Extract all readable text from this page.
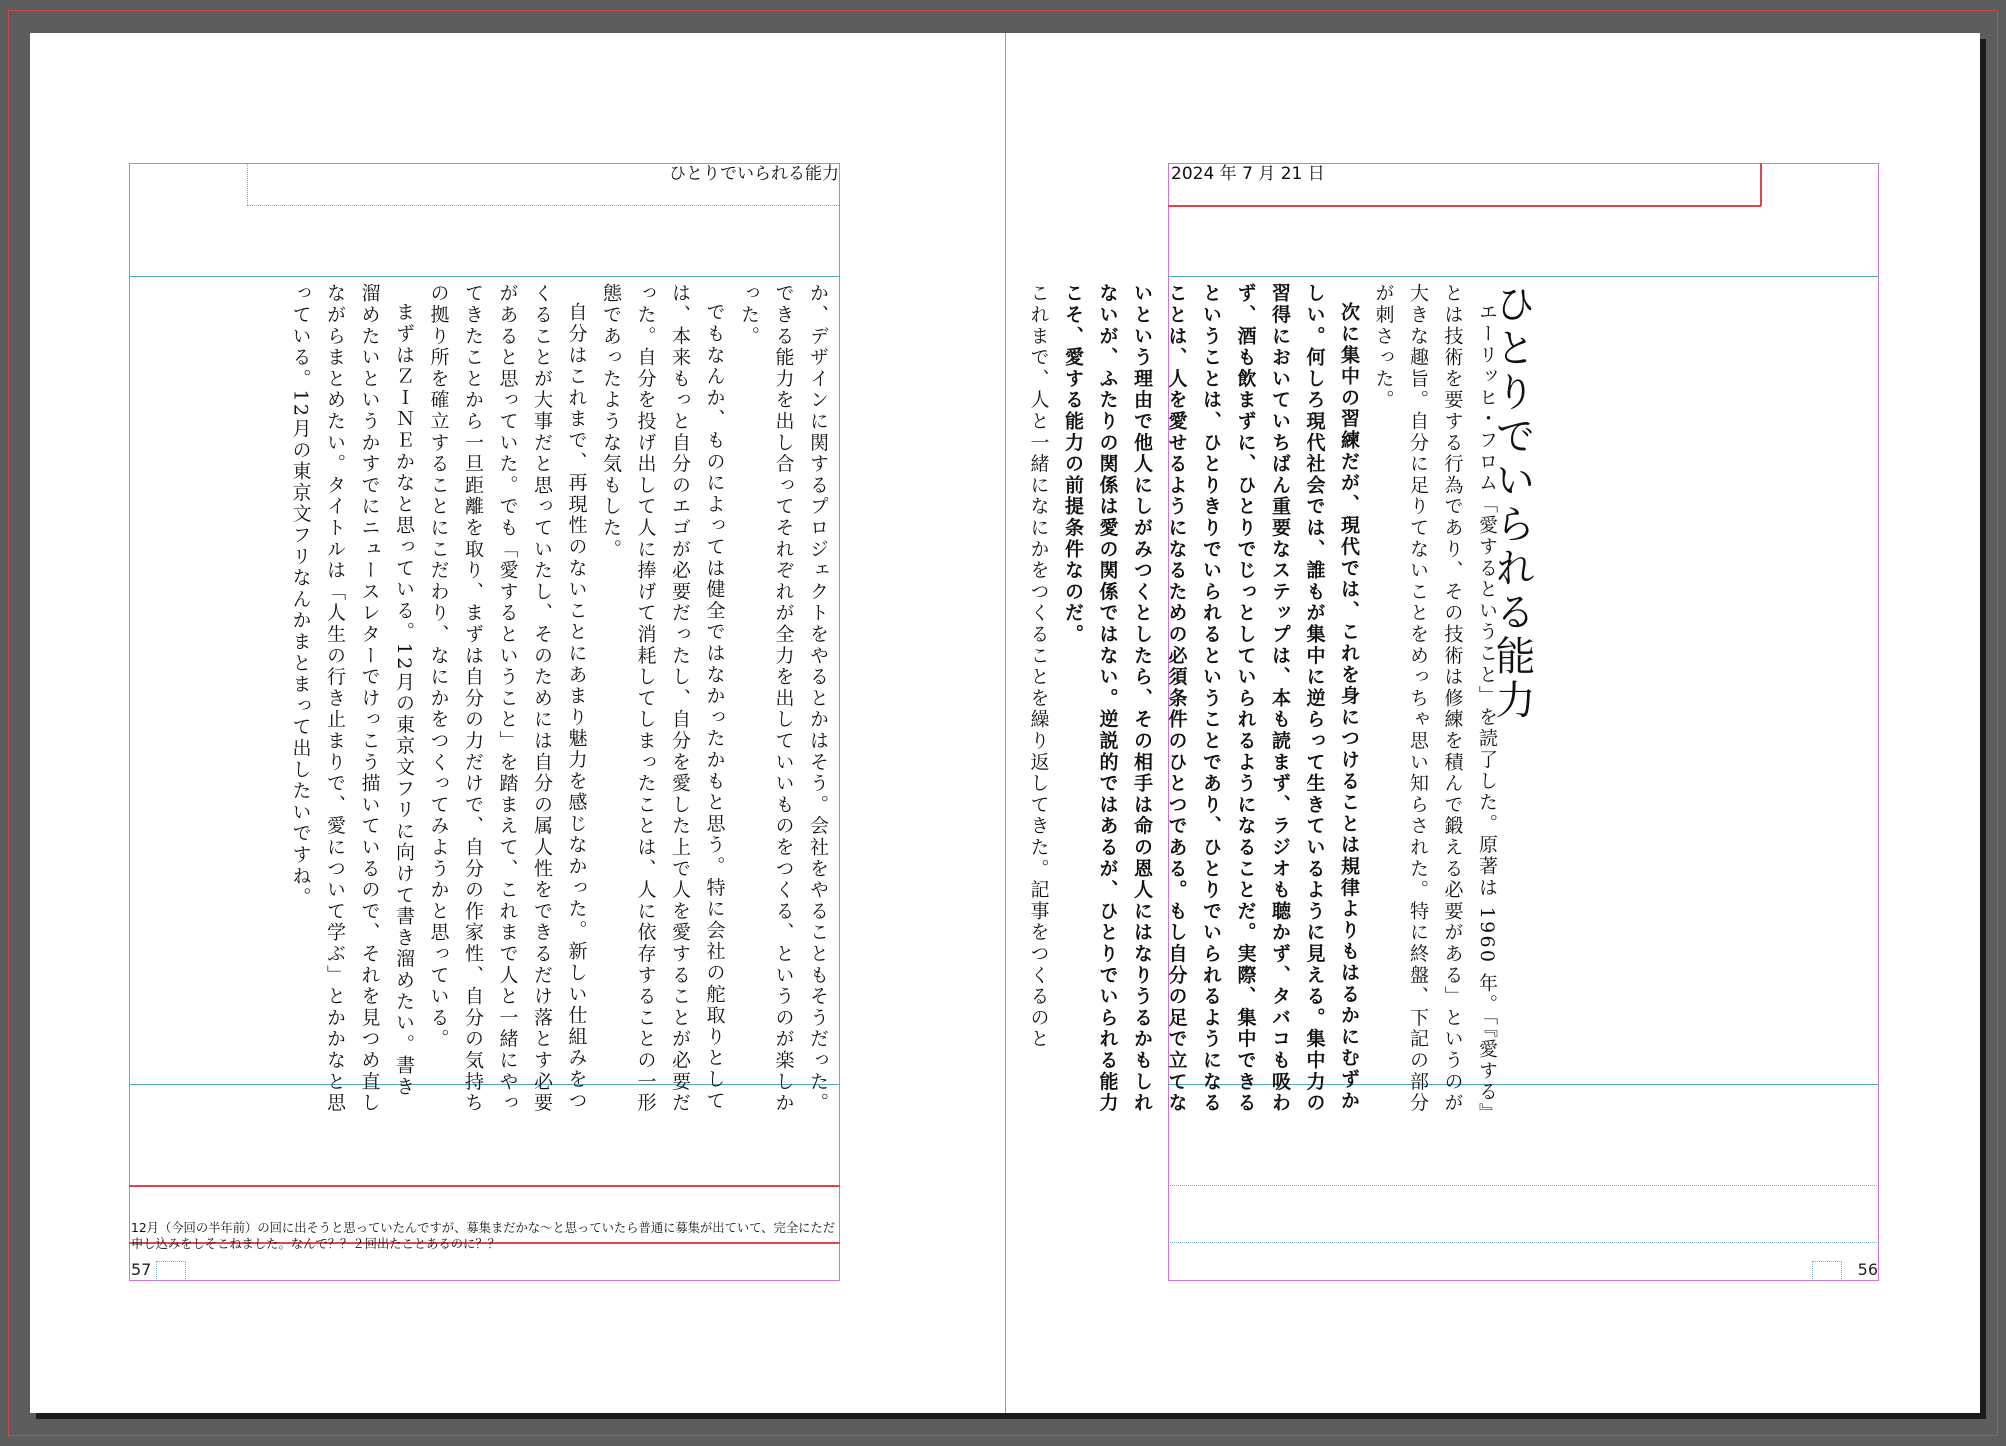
ひとりでいられる能力
57
2024 年 7 月 21 日
56

か、デザインに関するプロジェクトをやるとかはそう。会社をやることもそうだった。できる能力を出し合ってそれぞれが全力を出していいものをつくる、というのが楽しかった。

でもなんか、ものによっては健全ではなかったかもと思う。特に会社の舵取りとしては、本来もっと自分のエゴが必要だったし、自分を愛した上で人を愛することが必要だった。自分を投げ出して人に捧げて消耗してしまったことは、人に依存することの一形態であったような気もした。

自分はこれまで、再現性のないことにあまり魅力を感じなかった。新しい仕組みをつくることが大事だと思っていたし、そのためには自分の属人性をできるだけ落とす必要があると思っていた。でも「愛するということ」を踏まえて、これまで人と一緒にやってきたことから一旦距離を取り、まずは自分の力だけで、自分の作家性、自分の気持ちの拠り所を確立することにこだわり、なにかをつくってみようかと思っている。

まずはＺＩＮＥかなと思っている。12月の東京文フリに向けて書き溜めたい。書き溜めたいというかすでにニュースレターでけっこう描いているので、それを見つめ直しながらまとめたい。タイトルは「人生の行き止まりで、愛について学ぶ」とかかなと思っている。12月の東京文フリなんかまとまって出したいですね。

12月（今回の半年前）の回に出そうと思っていたんですが、募集まだかな〜と思っていたら普通に募集が出ていて、完全にただ申し込みをしそこねました。なんで？？２回出たことあるのに？？
ひとりでいられる能力

エーリッヒ・フロム「愛するということ」を読了した。原著は 1960 年。「『愛する』とは技術を要する行為であり、その技術は修練を積んで鍛える必要がある」というのが大きな趣旨。自分に足りてないことをめっちゃ思い知らされた。特に終盤、下記の部分が刺さった。

次に集中の習練だが、現代では、これを身につけることは規律よりもはるかにむずかしい。何しろ現代社会では、誰もが集中に逆らって生きているように見える。集中力の習得においていちばん重要なステップは、本も読まず、ラジオも聴かず、タバコも吸わず、酒も飲まずに、ひとりでじっとしていられるようになることだ。実際、集中できるということは、ひとりきりでいられるということであり、ひとりでいられるようになることは、人を愛せるようになるための必須条件のひとつである。もし自分の足で立てないという理由で他人にしがみつくとしたら、その相手は命の恩人にはなりうるかもしれないが、ふたりの関係は愛の関係ではない。逆説的ではあるが、ひとりでいられる能力こそ、愛する能力の前提条件なのだ。

これまで、人と一緒になにかをつくることを繰り返してきた。記事をつくるのと
